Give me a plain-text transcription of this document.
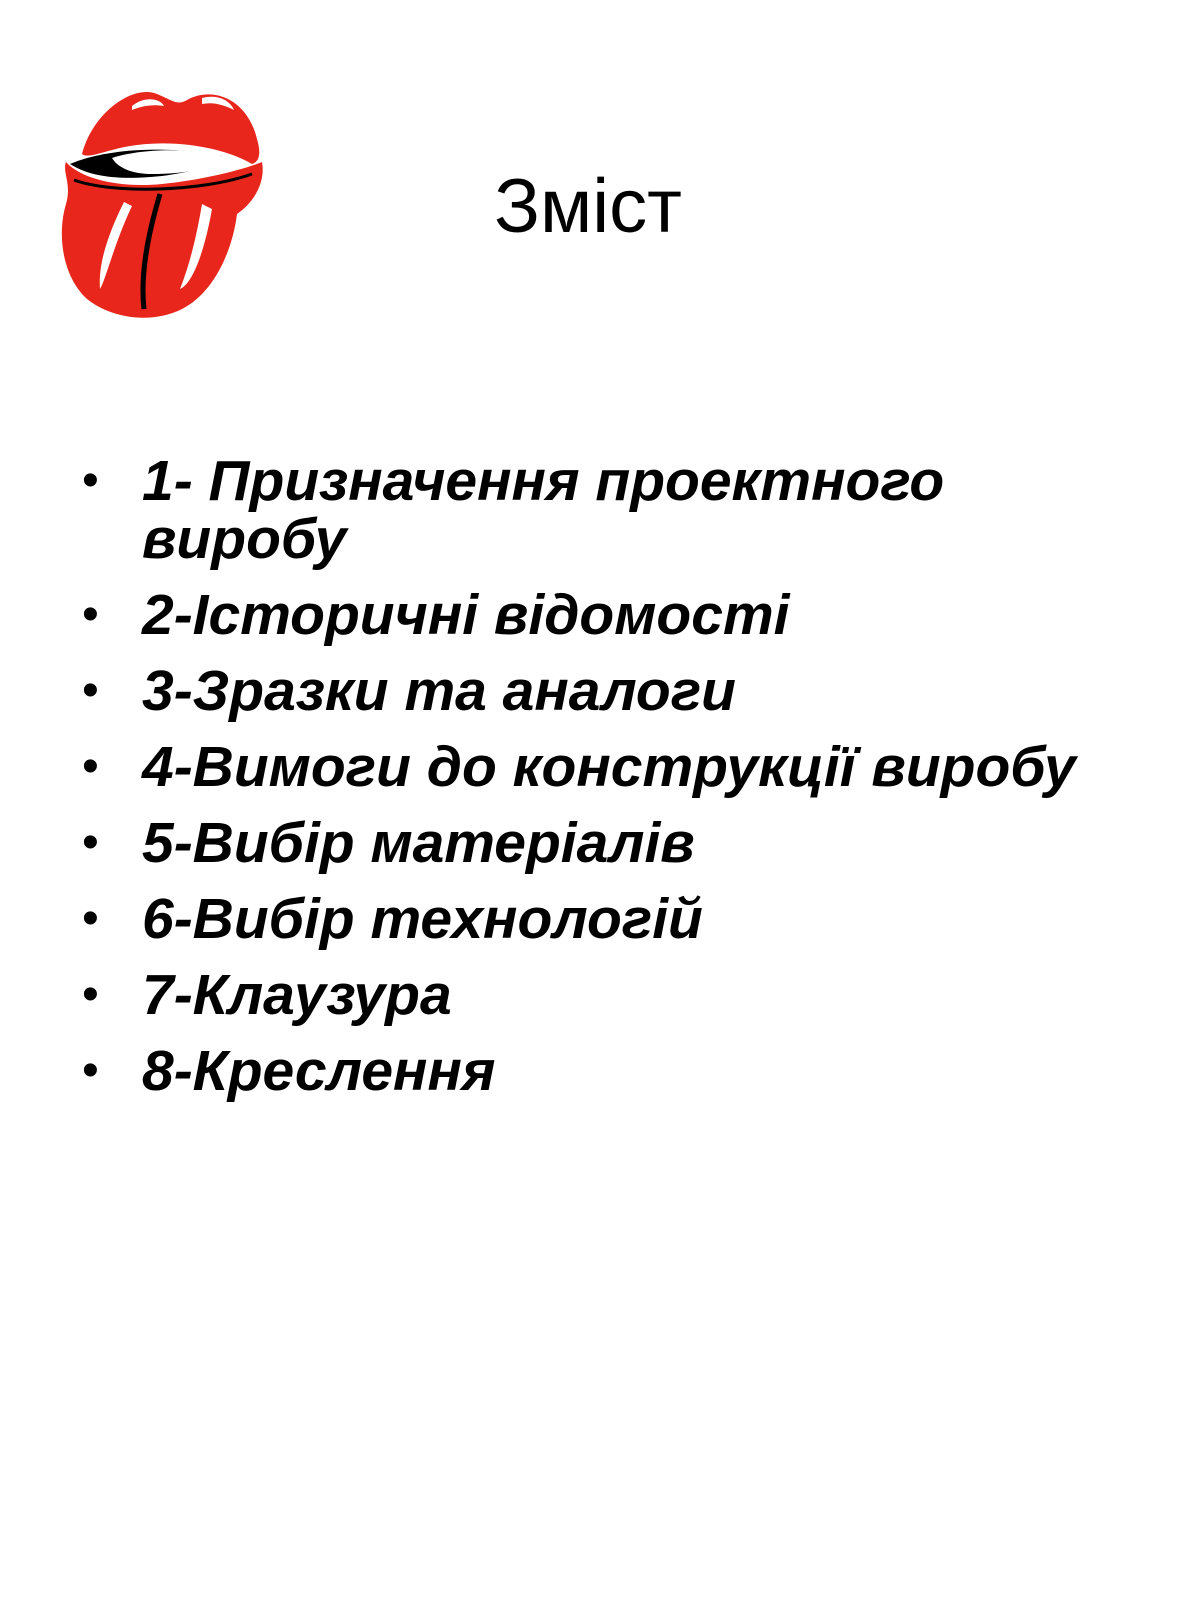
Зміст
• 1- Призначення проектного виробу
• 2-Історичні відомості
• 3-Зразки та аналоги
• 4-Вимоги до конструкції виробу
• 5-Вибір матеріалів
• 6-Вибір технологій
• 7-Клаузура
• 8-Креслення
